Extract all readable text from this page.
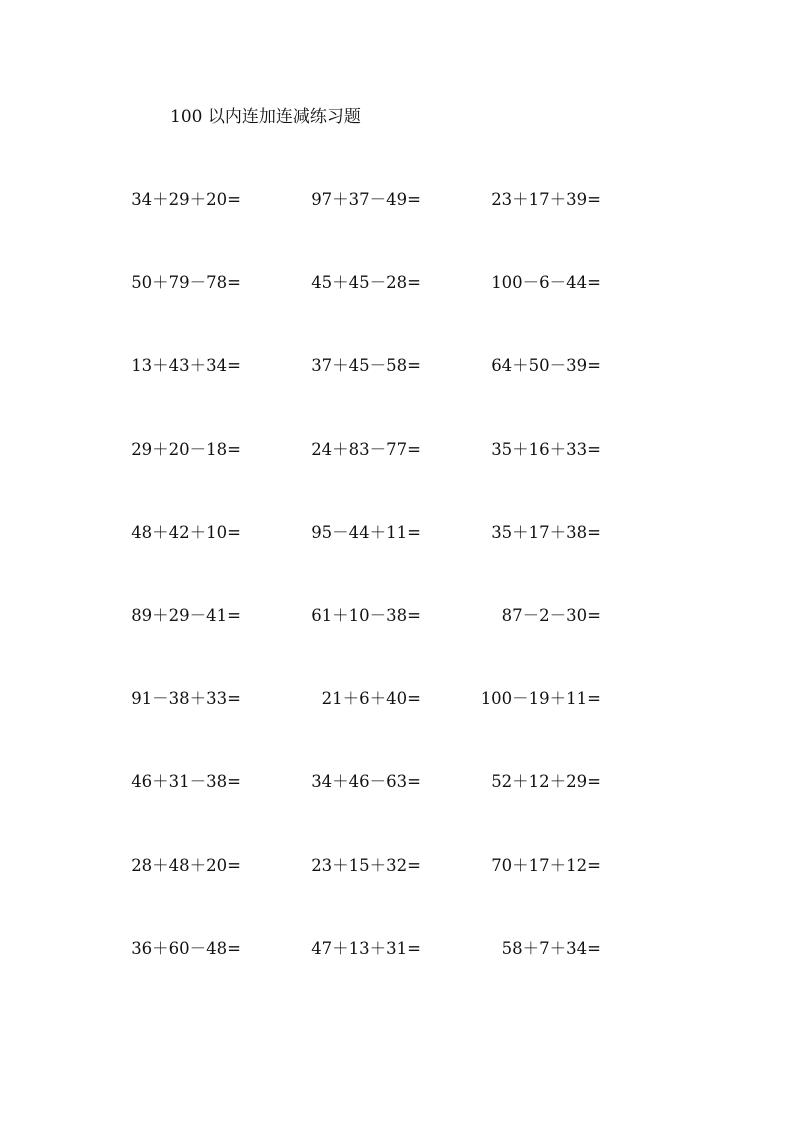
100 以内连加连减练习题
34＋29＋20=	97＋37－49=	23＋17＋39=
50＋79－78=	45＋45－28=	100－6－44=
13＋43＋34=	37＋45－58=	64＋50－39=
29＋20－18=	24＋83－77=	35＋16＋33=
48＋42＋10=	95－44＋11=	35＋17＋38=
89＋29－41=	61＋10－38=	87－2－30=
91－38＋33=	21＋6＋40=	100－19＋11=
46＋31－38=	34＋46－63=	52＋12＋29=
28＋48＋20=	23＋15＋32=	70＋17＋12=
36＋60－48=	47＋13＋31=	58＋7＋34=
